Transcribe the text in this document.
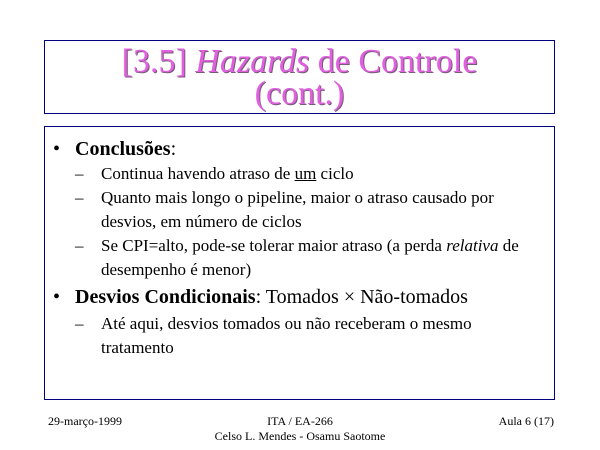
[3.5] Hazards de Controle
(cont.)
• Conclusões:
– Continua havendo atraso de um ciclo
– Quanto mais longo o pipeline, maior o atraso causado por desvios, em número de ciclos
– Se CPI=alto, pode-se tolerar maior atraso (a perda relativa de desempenho é menor)
• Desvios Condicionais: Tomados × Não-tomados
– Até aqui, desvios tomados ou não receberam o mesmo tratamento
29-março-1999	ITA / EA-266
Celso L. Mendes - Osamu Saotome
Aula 6 (17)
